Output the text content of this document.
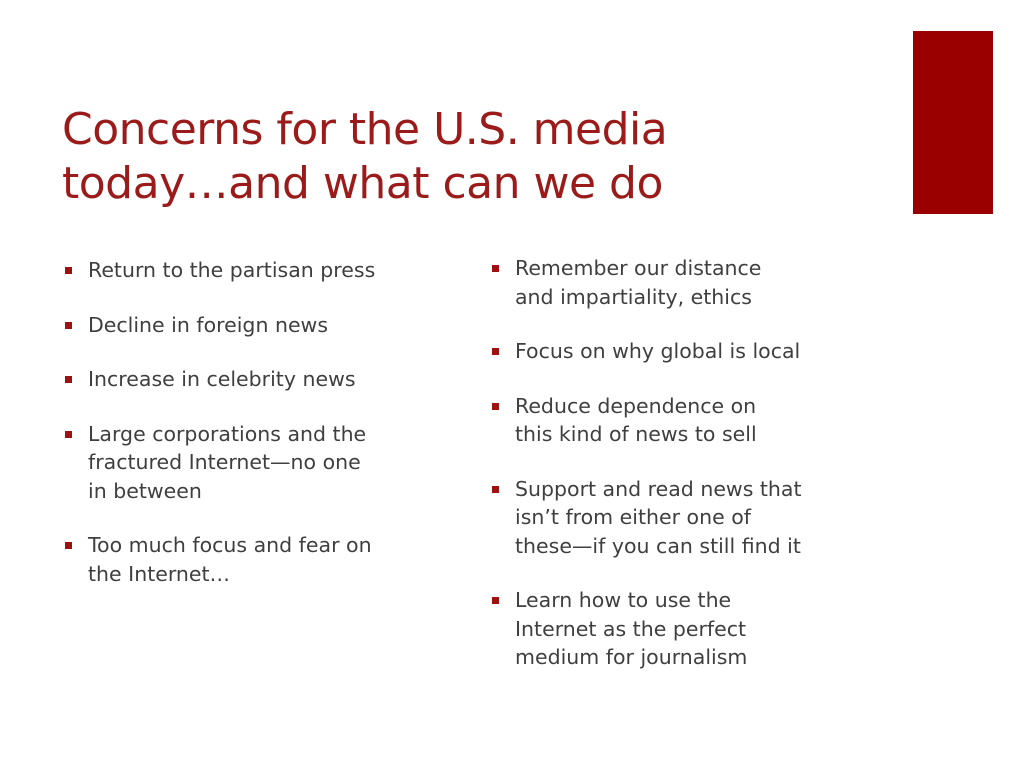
Concerns for the U.S. media
today…and what can we do
Return to the partisan press
Decline in foreign news
Increase in celebrity news
Large corporations and the
fractured Internet—no one
in between
Too much focus and fear on
the Internet…
Remember our distance
and impartiality, ethics
Focus on why global is local
Reduce dependence on
this kind of news to sell
Support and read news that
isn’t from either one of
these—if you can still find it
Learn how to use the
Internet as the perfect
medium for journalism
